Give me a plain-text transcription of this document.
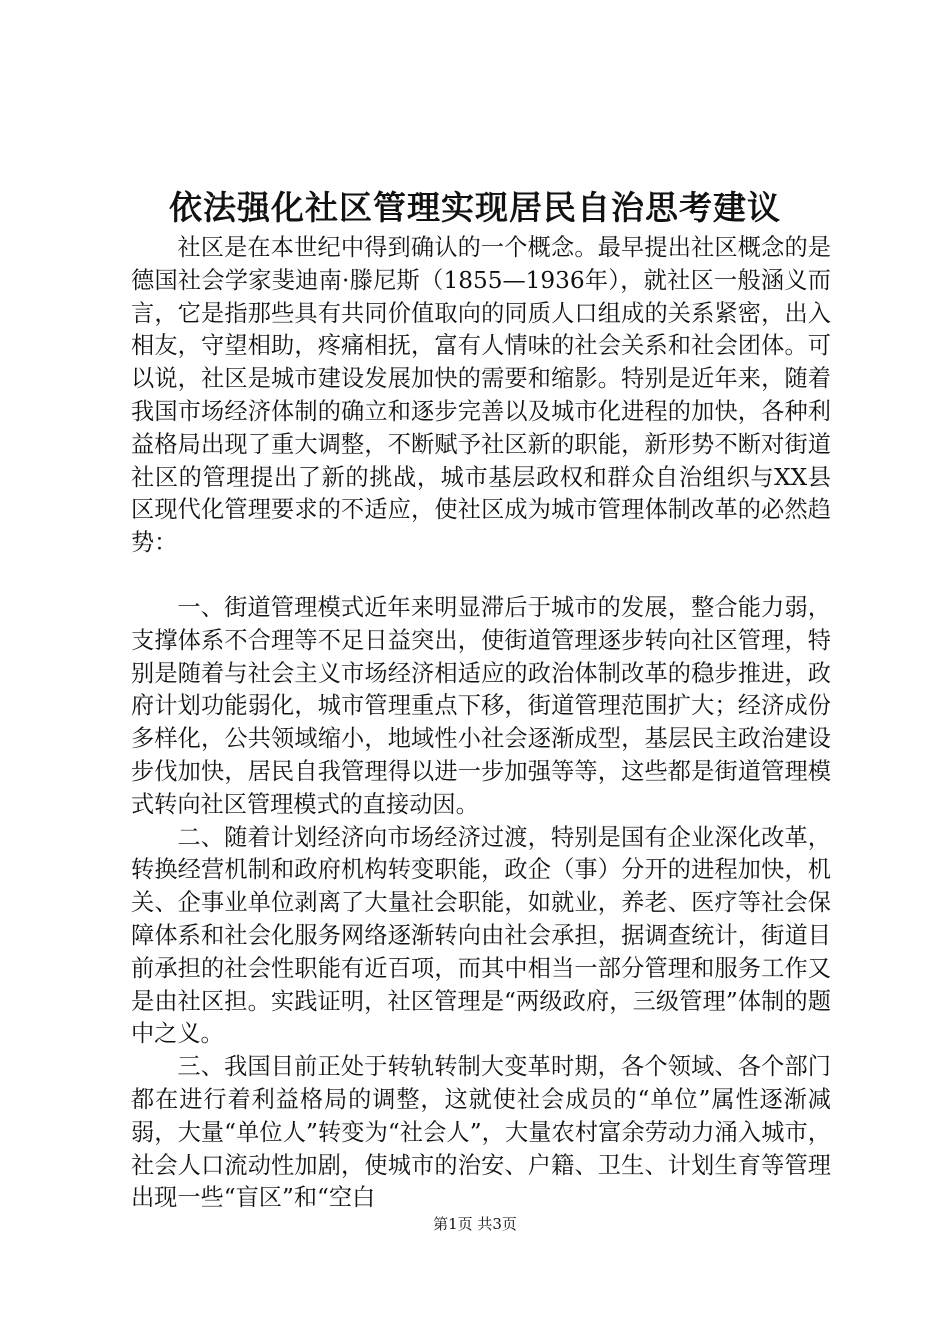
依法强化社区管理实现居民自治思考建议

社区是在本世纪中得到确认的一个概念。最早提出社区概念的是德国社会学家斐迪南·滕尼斯（1855—1936年），就社区一般涵义而言，它是指那些具有共同价值取向的同质人口组成的关系紧密，出入相友，守望相助，疼痛相抚，富有人情味的社会关系和社会团体。可以说，社区是城市建设发展加快的需要和缩影。特别是近年来，随着我国市场经济体制的确立和逐步完善以及城市化进程的加快，各种利益格局出现了重大调整，不断赋予社区新的职能，新形势不断对街道社区的管理提出了新的挑战，城市基层政权和群众自治组织与XX县区现代化管理要求的不适应，使社区成为城市管理体制改革的必然趋势：

一、街道管理模式近年来明显滞后于城市的发展，整合能力弱，支撑体系不合理等不足日益突出，使街道管理逐步转向社区管理，特别是随着与社会主义市场经济相适应的政治体制改革的稳步推进，政府计划功能弱化，城市管理重点下移，街道管理范围扩大；经济成份多样化，公共领域缩小，地域性小社会逐渐成型，基层民主政治建设步伐加快，居民自我管理得以进一步加强等等，这些都是街道管理模式转向社区管理模式的直接动因。

二、随着计划经济向市场经济过渡，特别是国有企业深化改革，转换经营机制和政府机构转变职能，政企（事）分开的进程加快，机关、企事业单位剥离了大量社会职能，如就业，养老、医疗等社会保障体系和社会化服务网络逐渐转向由社会承担，据调查统计，街道目前承担的社会性职能有近百项，而其中相当一部分管理和服务工作又是由社区担。实践证明，社区管理是“两级政府，三级管理”体制的题中之义。

三、我国目前正处于转轨转制大变革时期，各个领域、各个部门都在进行着利益格局的调整，这就使社会成员的“单位”属性逐渐减弱，大量“单位人”转变为“社会人”，大量农村富余劳动力涌入城市，社会人口流动性加剧，使城市的治安、户籍、卫生、计划生育等管理出现一些“盲区”和“空白

第1页 共3页
